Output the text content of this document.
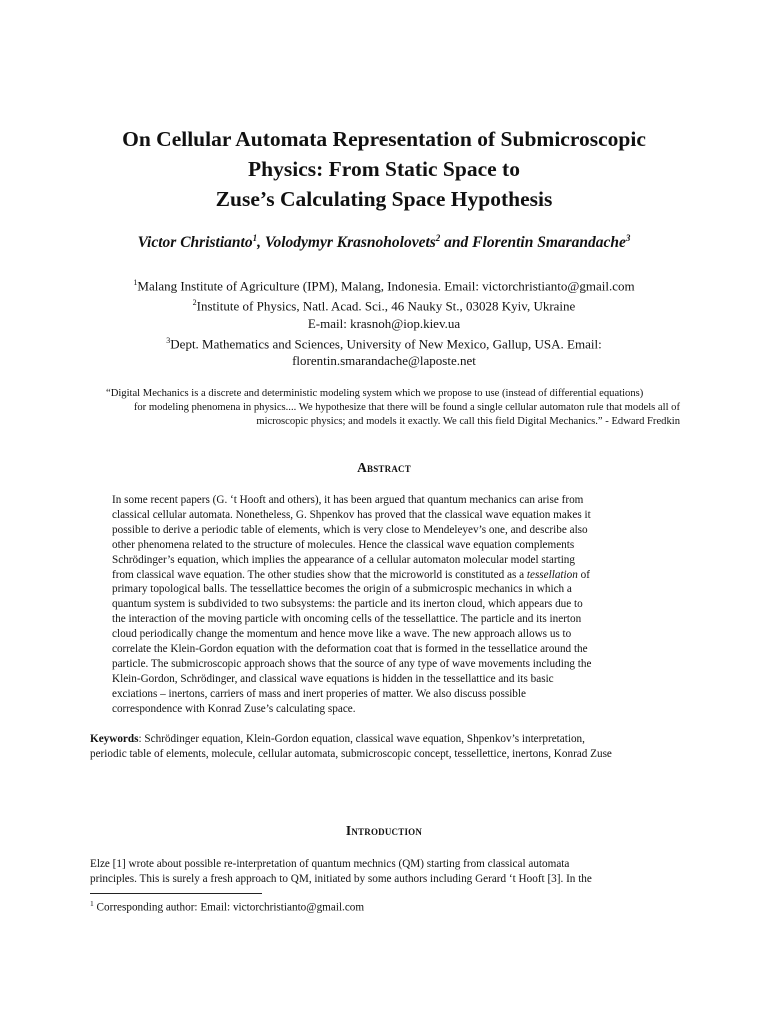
On Cellular Automata Representation of Submicroscopic
Physics: From Static Space to
Zuse’s Calculating Space Hypothesis
Victor Christianto$^1$, Volodymyr Krasnoholovets$^2$ and Florentin Smarandache$^3$
$^1$Malang Institute of Agriculture (IPM), Malang, Indonesia. Email: victorchristianto@gmail.com
$^2$Institute of Physics, Natl. Acad. Sci., 46 Nauky St., 03028 Kyiv, Ukraine
E-mail: krasnoh@iop.kiev.ua
$^3$Dept. Mathematics and Sciences, University of New Mexico, Gallup, USA. Email:
florentin.smarandache@laposte.net
“Digital Mechanics is a discrete and deterministic modeling system which we propose to use (instead of differential equations)
for modeling phenomena in physics.... We hypothesize that there will be found a single cellular automaton rule that models all of
microscopic physics; and models it exactly. We call this field Digital Mechanics.” - Edward Fredkin
Abstract
In some recent papers (G. ‘t Hooft and others), it has been argued that quantum mechanics can arise from
classical cellular automata. Nonetheless, G. Shpenkov has proved that the classical wave equation makes it
possible to derive a periodic table of elements, which is very close to Mendeleyev’s one, and describe also
other phenomena related to the structure of molecules. Hence the classical wave equation complements
Schrödinger’s equation, which implies the appearance of a cellular automaton molecular model starting
from classical wave equation. The other studies show that the microworld is constituted as a tessellation of
primary topological balls. The tessellattice becomes the origin of a submicrospic mechanics in which a
quantum system is subdivided to two subsystems: the particle and its inerton cloud, which appears due to
the interaction of the moving particle with oncoming cells of the tessellattice. The particle and its inerton
cloud periodically change the momentum and hence move like a wave. The new approach allows us to
correlate the Klein-Gordon equation with the deformation coat that is formed in the tessellatice around the
particle. The submicroscopic approach shows that the source of any type of wave movements including the
Klein-Gordon, Schrödinger, and classical wave equations is hidden in the tessellattice and its basic
exciations – inertons, carriers of mass and inert properies of matter. We also discuss possible
correspondence with Konrad Zuse’s calculating space.
Keywords: Schrödinger equation, Klein-Gordon equation, classical wave equation, Shpenkov’s interpretation,
periodic table of elements, molecule, cellular automata, submicroscopic concept, tessellettice, inertons, Konrad Zuse
Introduction
Elze [1] wrote about possible re-interpretation of quantum mechnics (QM) starting from classical automata
principles. This is surely a fresh approach to QM, initiated by some authors including Gerard ‘t Hooft [3]. In the
$^1$ Corresponding author: Email: victorchristianto@gmail.com
